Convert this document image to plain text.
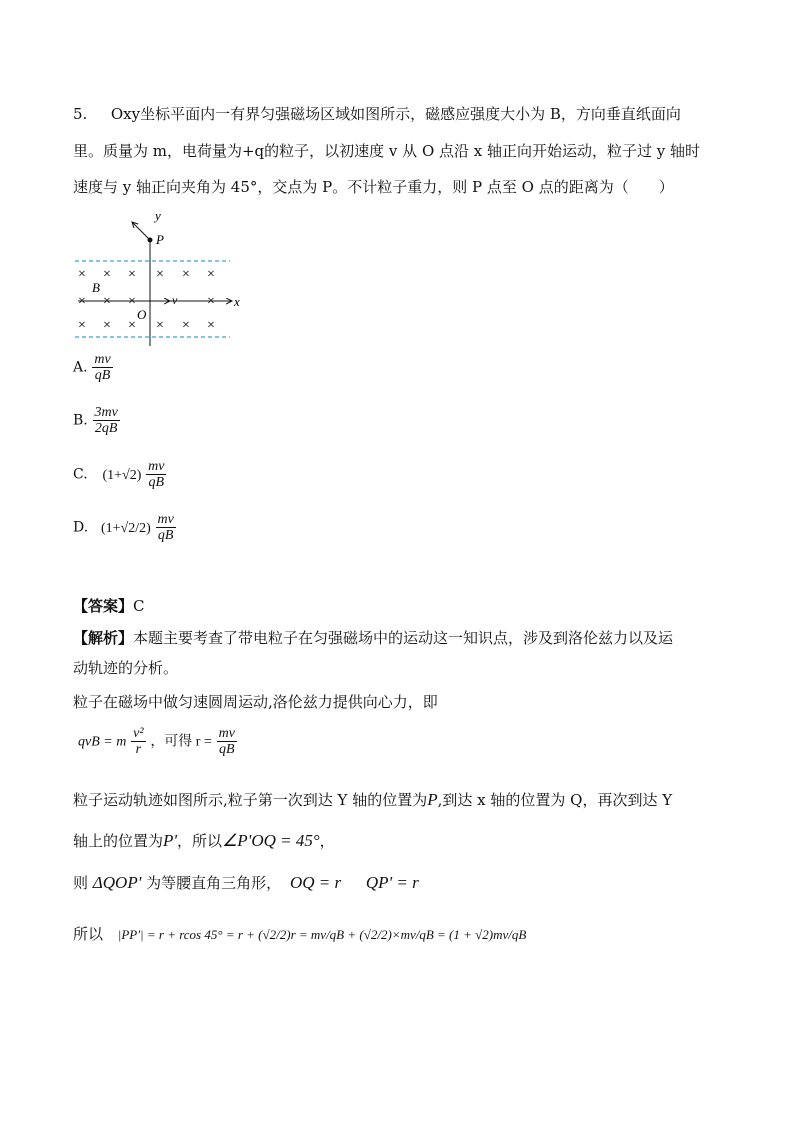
5. Oxy坐标平面内一有界匀强磁场区域如图所示，磁感应强度大小为 B，方向垂直纸面向
里。质量为 m，电荷量为+q的粒子，以初速度 v 从 O 点沿 x 轴正向开始运动，粒子过 y 轴时
速度与 y 轴正向夹角为 45°，交点为 P。不计粒子重力，则 P 点至 O 点的距离为（　　）
y
P
x
× × × × × ×
B
× × ×	v ×
O
× × × × × ×
A. $\frac{mv}{qB}$
B. $\frac{3mv}{2qB}$
C. $(1+√2) \frac{mv}{qB}$
D. $(1+√2/2) \frac{mv}{qB}$
【答案】C
【解析】本题主要考查了带电粒子在匀强磁场中的运动这一知识点，涉及到洛伦兹力以及运
动轨迹的分析。
粒子在磁场中做匀速圆周运动,洛伦兹力提供向心力，即
qvB = m $\frac{\text{v²}}{r}$ ，可得 $r = \frac{mv}{qB}$
粒子运动轨迹如图所示,粒子第一次到达 Y 轴的位置为P,到达 x 轴的位置为 Q，再次到达 Y
轴上的位置为P'，所以∠P'OQ = 45°，
则 ΔQOP' 为等腰直角三角形， OQ = r QP' = r
所以 |PP'| = r + rcos 45° = r + (√2/2)r = mv/qB + (√2/2)×mv/qB = (1 + √2)mv/qB
